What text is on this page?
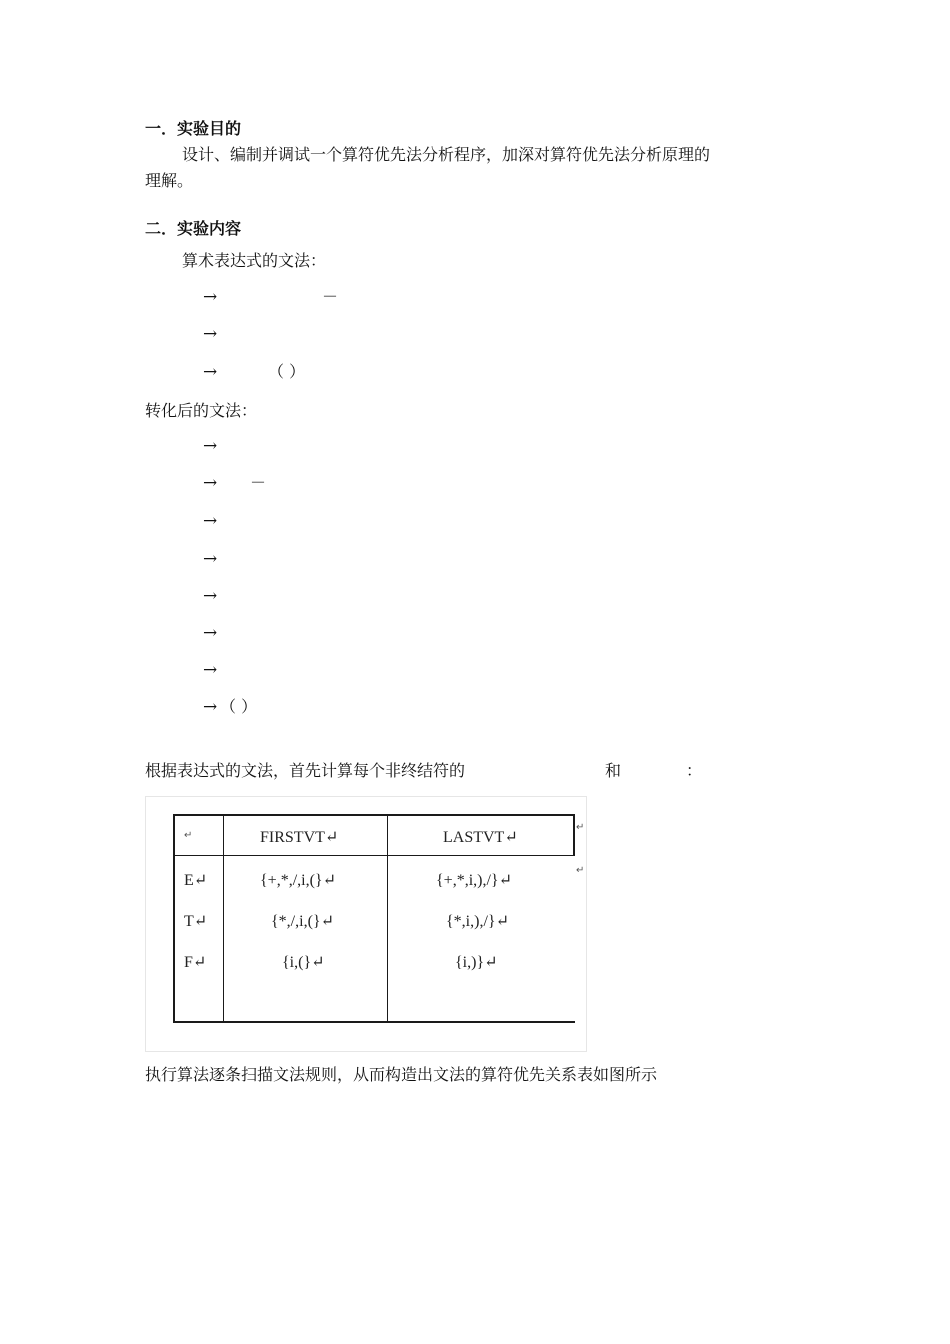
一．实验目的
设计、编制并调试一个算符优先法分析程序，加深对算符优先法分析原理的
理解。
二．实验内容
算术表达式的文法：
→	－
→
→	（ ）
转化后的文法：
→
→ －
→
→
→
→
→
→ （ ）
根据表达式的文法，首先计算每个非终结符的	和	：
↵	FIRSTVT↵	LASTVT↵
↵
↵
E↵	{+,*,/,i,(}↵	{+,*,i,),/}↵
T↵	{*,/,i,(}↵	{*,i,),/}↵
F↵	{i,(}↵	{i,)}↵
执行算法逐条扫描文法规则，从而构造出文法的算符优先关系表如图所示
